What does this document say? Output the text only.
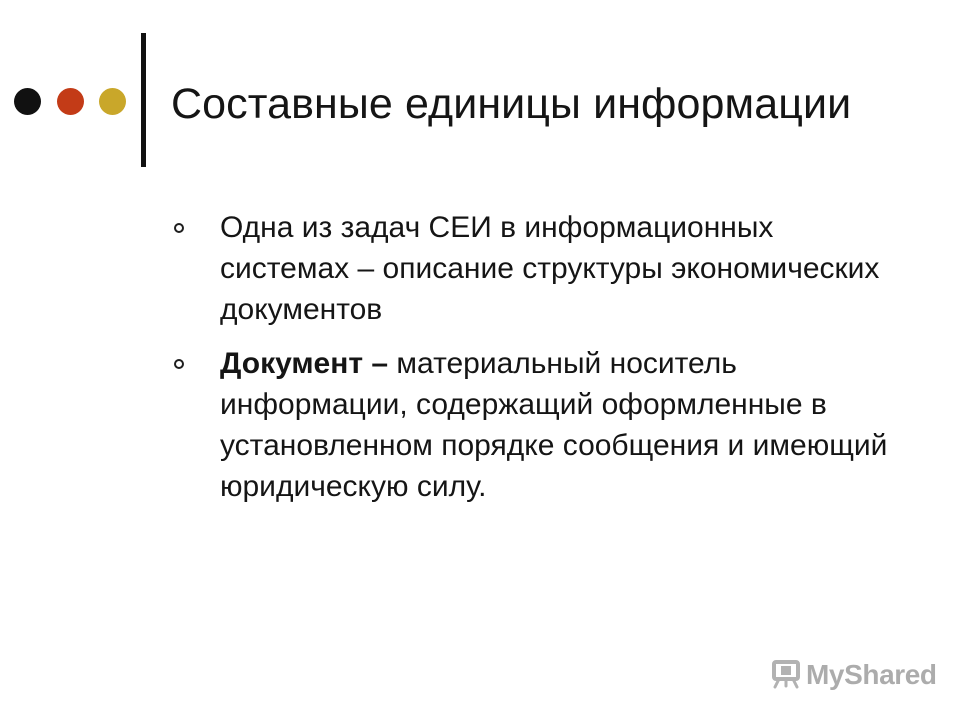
Составные единицы информации
Одна из задач СЕИ в информационных системах – описание структуры экономических документов
Документ – материальный носитель информации, содержащий оформленные в установленном порядке сообщения и имеющий юридическую силу.
MyShared
